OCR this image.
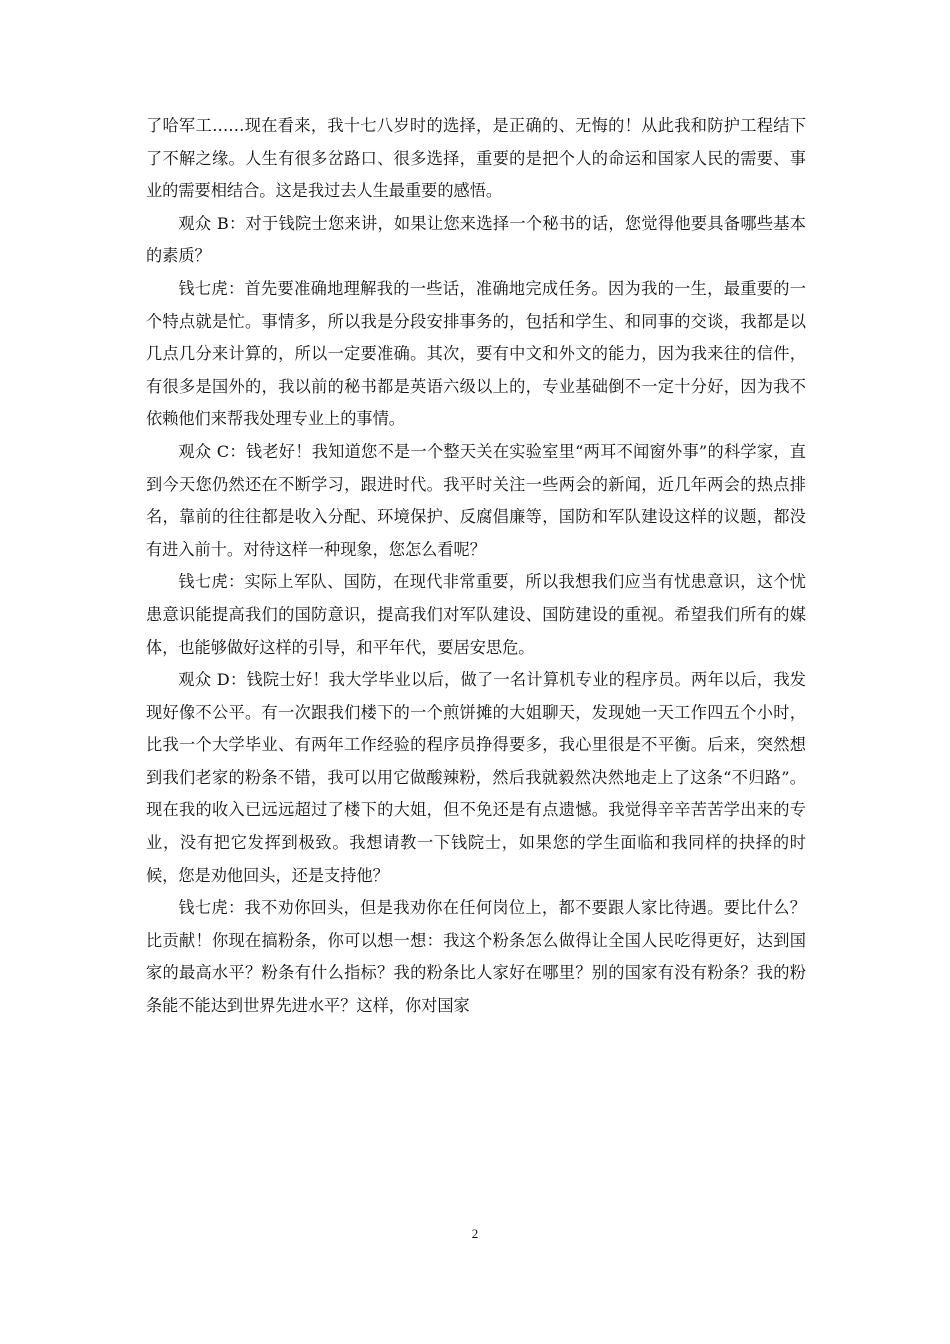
了哈军工……现在看来，我十七八岁时的选择，是正确的、无悔的！从此我和防护工程结下了不解之缘。人生有很多岔路口、很多选择，重要的是把个人的命运和国家人民的需要、事业的需要相结合。这是我过去人生最重要的感悟。

观众 B：对于钱院士您来讲，如果让您来选择一个秘书的话，您觉得他要具备哪些基本的素质？

钱七虎：首先要准确地理解我的一些话，准确地完成任务。因为我的一生，最重要的一个特点就是忙。事情多，所以我是分段安排事务的，包括和学生、和同事的交谈，我都是以几点几分来计算的，所以一定要准确。其次，要有中文和外文的能力，因为我来往的信件，有很多是国外的，我以前的秘书都是英语六级以上的，专业基础倒不一定十分好，因为我不依赖他们来帮我处理专业上的事情。

观众 C：钱老好！我知道您不是一个整天关在实验室里“两耳不闻窗外事”的科学家，直到今天您仍然还在不断学习，跟进时代。我平时关注一些两会的新闻，近几年两会的热点排名，靠前的往往都是收入分配、环境保护、反腐倡廉等，国防和军队建设这样的议题，都没有进入前十。对待这样一种现象，您怎么看呢？

钱七虎：实际上军队、国防，在现代非常重要，所以我想我们应当有忧患意识，这个忧患意识能提高我们的国防意识，提高我们对军队建设、国防建设的重视。希望我们所有的媒体，也能够做好这样的引导，和平年代，要居安思危。

观众 D：钱院士好！我大学毕业以后，做了一名计算机专业的程序员。两年以后，我发现好像不公平。有一次跟我们楼下的一个煎饼摊的大姐聊天，发现她一天工作四五个小时，比我一个大学毕业、有两年工作经验的程序员挣得要多，我心里很是不平衡。后来，突然想到我们老家的粉条不错，我可以用它做酸辣粉，然后我就毅然决然地走上了这条“不归路”。现在我的收入已远远超过了楼下的大姐，但不免还是有点遗憾。我觉得辛辛苦苦学出来的专业，没有把它发挥到极致。我想请教一下钱院士，如果您的学生面临和我同样的抉择的时候，您是劝他回头，还是支持他？

钱七虎：我不劝你回头，但是我劝你在任何岗位上，都不要跟人家比待遇。要比什么？比贡献！你现在搞粉条，你可以想一想：我这个粉条怎么做得让全国人民吃得更好，达到国家的最高水平？粉条有什么指标？我的粉条比人家好在哪里？别的国家有没有粉条？我的粉条能不能达到世界先进水平？这样，你对国家

2
